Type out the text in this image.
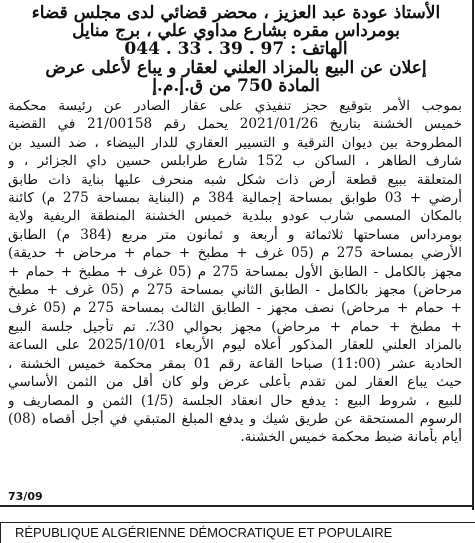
الأستاذ عودة عبد العزيز ، محضر قضائي لدى مجلس قضاء
بومرداس مقره بشارع مداوي علي ، برج منايل
الهاتف : 97 . 39 . 33 . 044
إعلان عن البيع بالمزاد العلني لعقار و يباع لأعلى عرض
المادة 750 من ق.إ.م.إ
بموجب الأمر بتوقيع حجز تنفيذي على عقار الصادر عن رئيسة محكمة
خميس الخشنة بتاريخ 2021/01/26 يحمل رقم 21/00158 في القضية
المطروحة بين ديوان الترقية و التسيير العقاري للدار البيضاء ، ضد السيد بن
شارف الطاهر ، الساكن ب 152 شارع طرابلس حسين داي الجزائر ، و
المتعلقة ببيع قطعة أرض ذات شكل شبه منحرف عليها بناية ذات طابق
أرضي + 03 طوابق بمساحة إجمالية 384 م (البناية بمساحة 275 م) كائنة
بالمكان المسمى شارب عودو ببلدية خميس الخشنة المنطقة الريفية ولاية
بومرداس مساحتها ثلاثمائة و أربعة و ثمانون متر مربع (384 م) الطابق
الأرضي بمساحة 275 م (05 غرف + مطبخ + حمام + مرحاض + حديقة)
مجهز بالكامل - الطابق الأول بمساحة 275 م (05 غرف + مطبخ + حمام +
مرحاض) مجهز بالكامل - الطابق الثاني بمساحة 275 م (05 غرف + مطبخ
+ حمام + مرحاض) نصف مجهز - الطابق الثالث بمساحة 275 م (05 غرف
+ مطبخ + حمام + مرحاض) مجهز بحوالي 30٪. تم تأجيل جلسة البيع
بالمزاد العلني للعقار المذكور أعلاه ليوم الأربعاء 2025/10/01 على الساعة
الحادية عشر (11:00) صباحا القاعة رقم 01 بمقر محكمة خميس الخشنة ،
حيث يباع العقار لمن تقدم بأعلى عرض ولو كان أقل من الثمن الأساسي
للبيع ، شروط البيع : يدفع حال انعقاد الجلسة (1/5) الثمن و المصاريف و
الرسوم المستحقة عن طريق شيك و يدفع المبلغ المتبقي في أجل أقصاه (08)
أيام بأمانة ضبط محكمة خميس الخشنة.
73/09
RÉPUBLIQUE ALGÉRIENNE DÉMOCRATIQUE ET POPULAIRE
